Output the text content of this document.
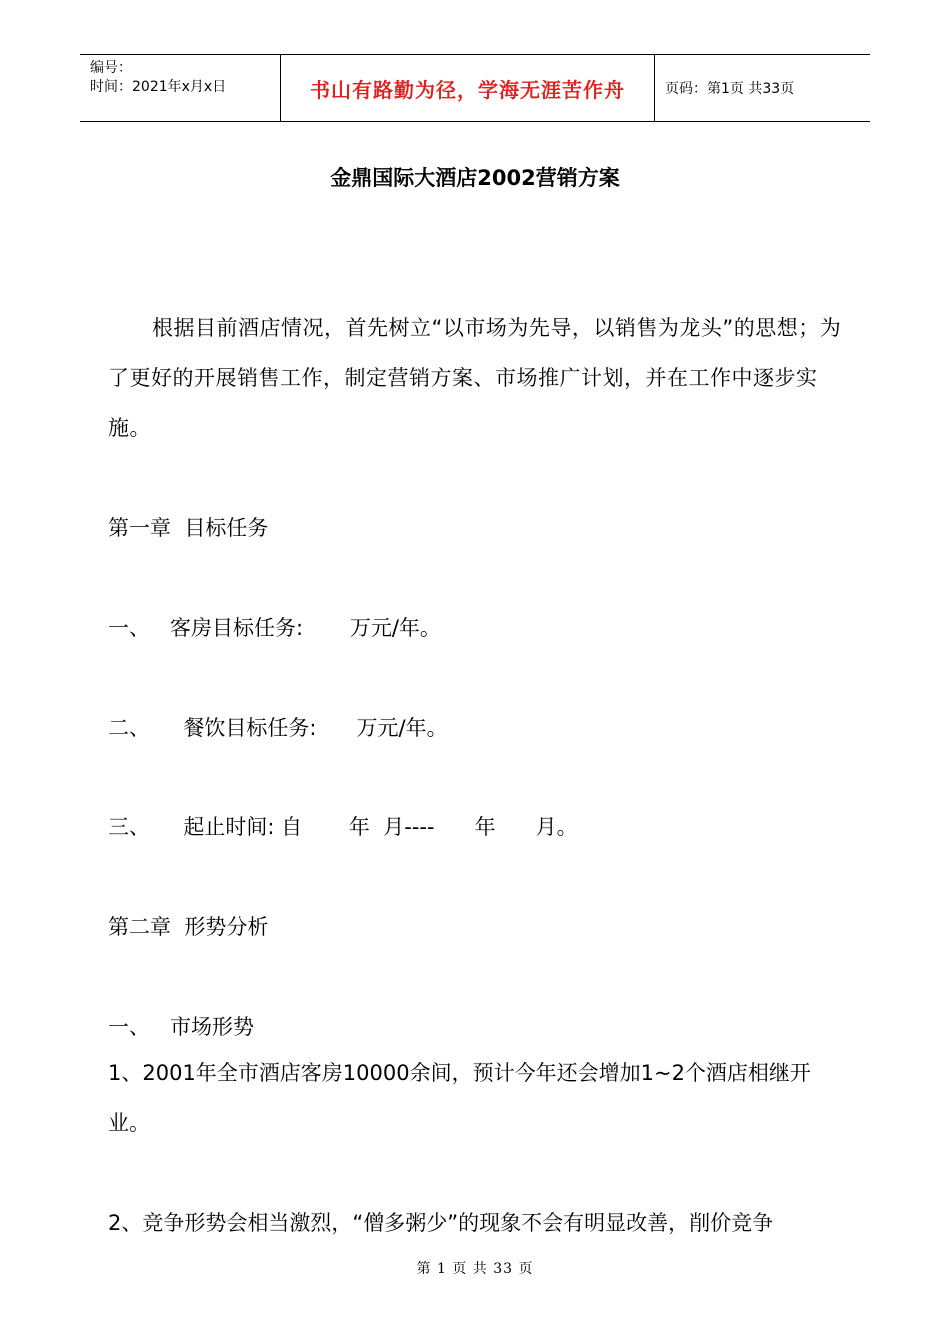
编号：
时间：2021年x月x日	书山有路勤为径，学海无涯苦作舟	页码：第1页 共33页
金鼎国际大酒店2002营销方案
根据目前酒店情况，首先树立“以市场为先导，以销售为龙头”的思想；为了更好的开展销售工作，制定营销方案、市场推广计划，并在工作中逐步实施。
第一章  目标任务
一、   客房目标任务:       万元/年。
二、     餐饮目标任务:      万元/年。
三、     起止时间: 自       年  月----      年      月。
第二章  形势分析
一、   市场形势
1、2001年全市酒店客房10000余间，预计今年还会增加1~2个酒店相继开业。
2、竞争形势会相当激烈，“僧多粥少”的现象不会有明显改善，削价竞争
第 1 页 共 33 页
